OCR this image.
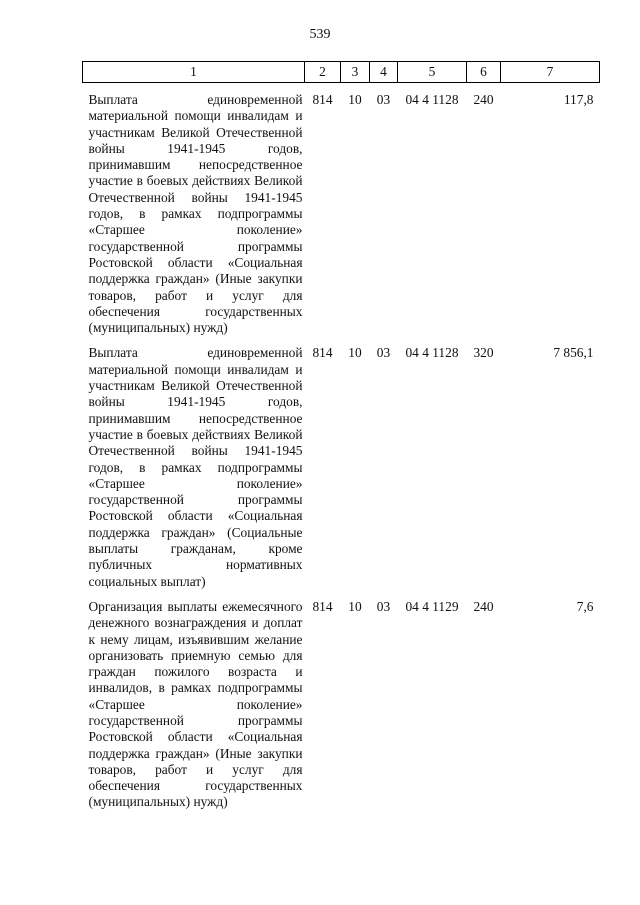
539
1	2	3	4	5	6	7

Выплата единовременной материальной помощи инвалидам и участникам Великой Отечественной войны 1941-1945 годов, принимавшим непосредственное участие в боевых действиях Великой Отечественной войны 1941-1945 годов, в рамках подпрограммы «Старшее поколение» государственной программы Ростовской области «Социальная поддержка граждан» (Иные закупки товаров, работ и услуг для обеспечения государственных (муниципальных) нужд)	814	10	03	04 4 1128	240	117,8

Выплата единовременной материальной помощи инвалидам и участникам Великой Отечественной войны 1941-1945 годов, принимавшим непосредственное участие в боевых действиях Великой Отечественной войны 1941-1945 годов, в рамках подпрограммы «Старшее поколение» государственной программы Ростовской области «Социальная поддержка граждан» (Социальные выплаты гражданам, кроме публичных нормативных социальных выплат)	814	10	03	04 4 1128	320	7 856,1

Организация выплаты ежемесячного денежного вознаграждения и доплат к нему лицам, изъявившим желание организовать приемную семью для граждан пожилого возраста и инвалидов, в рамках подпрограммы «Старшее поколение» государственной программы Ростовской области «Социальная поддержка граждан» (Иные закупки товаров, работ и услуг для обеспечения государственных (муниципальных) нужд)	814	10	03	04 4 1129	240	7,6
